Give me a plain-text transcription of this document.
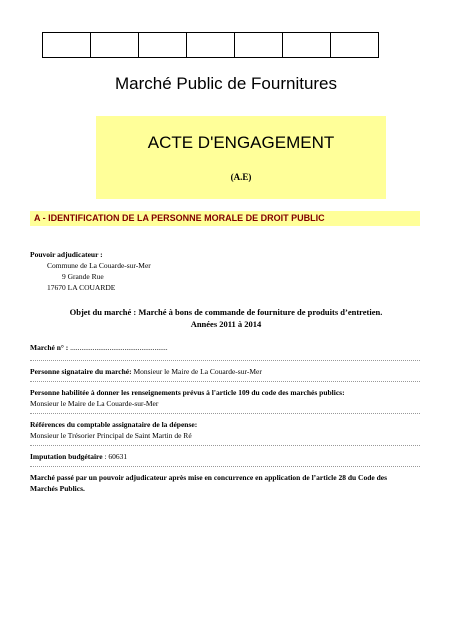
Marché Public de Fournitures
ACTE D'ENGAGEMENT
(A.E)
A - IDENTIFICATION DE LA PERSONNE MORALE DE DROIT PUBLIC
Pouvoir adjudicateur :
Commune de La Couarde-sur-Mer
9 Grande Rue
17670 LA COUARDE
Objet du marché : Marché à bons de commande de fourniture de produits d’entretien.
Années 2011 à 2014
Marché n° : ....................................................
Personne signataire du marché: Monsieur le Maire de La Couarde-sur-Mer
Personne habilitée à donner les renseignements prévus à l'article 109 du code des marchés publics:
Monsieur le Maire de La Couarde-sur-Mer
Références du comptable assignataire de la dépense:
Monsieur le Trésorier Principal de Saint Martin de Ré
Imputation budgétaire : 60631
Marché passé par un pouvoir adjudicateur après mise en concurrence en application de l’article 28 du Code des
Marchés Publics.
